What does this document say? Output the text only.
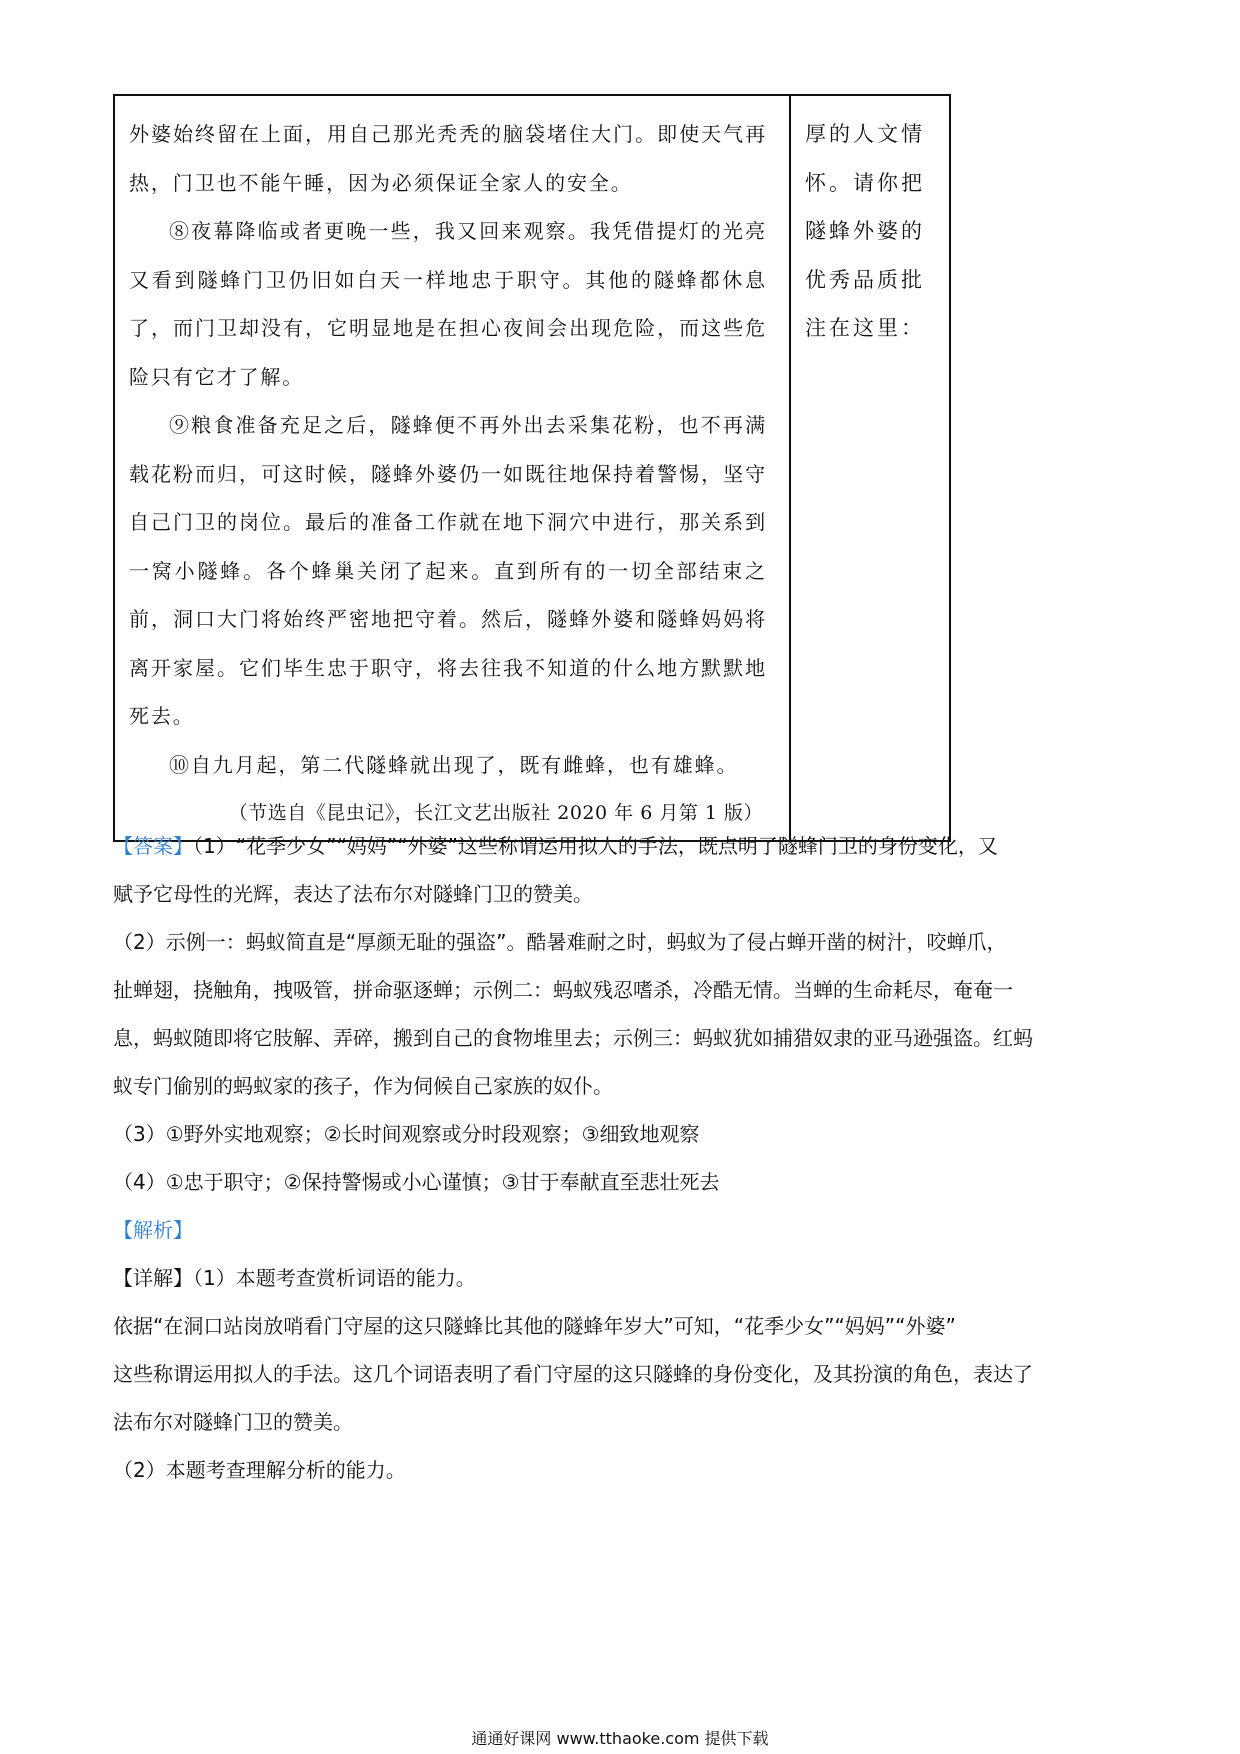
外婆始终留在上面，用自己那光秃秃的脑袋堵住大门。即使天气再热，门卫也不能午睡，因为必须保证全家人的安全。

⑧夜幕降临或者更晚一些，我又回来观察。我凭借提灯的光亮又看到隧蜂门卫仍旧如白天一样地忠于职守。其他的隧蜂都休息了，而门卫却没有，它明显地是在担心夜间会出现危险，而这些危险只有它才了解。

⑨粮食准备充足之后，隧蜂便不再外出去采集花粉，也不再满载花粉而归，可这时候，隧蜂外婆仍一如既往地保持着警惕，坚守自己门卫的岗位。最后的准备工作就在地下洞穴中进行，那关系到一窝小隧蜂。各个蜂巢关闭了起来。直到所有的一切全部结束之前，洞口大门将始终严密地把守着。然后，隧蜂外婆和隧蜂妈妈将离开家屋。它们毕生忠于职守，将去往我不知道的什么地方默默地死去。

⑩自九月起，第二代隧蜂就出现了，既有雌蜂，也有雄蜂。

（节选自《昆虫记》，长江文艺出版社 2020 年 6 月第 1 版）

厚的人文情怀。请你把隧蜂外婆的优秀品质批注在这里：

【答案】（1）“花季少女”“妈妈”“外婆”这些称谓运用拟人的手法，既点明了隧蜂门卫的身份变化，又

赋予它母性的光辉，表达了法布尔对隧蜂门卫的赞美。

（2）示例一：蚂蚁简直是“厚颜无耻的强盗”。酷暑难耐之时，蚂蚁为了侵占蝉开凿的树汁，咬蝉爪，

扯蝉翅，挠触角，拽吸管，拼命驱逐蝉；示例二：蚂蚁残忍嗜杀，冷酷无情。当蝉的生命耗尽，奄奄一

息，蚂蚁随即将它肢解、弄碎，搬到自己的食物堆里去；示例三：蚂蚁犹如捕猎奴隶的亚马逊强盗。红蚂

蚁专门偷别的蚂蚁家的孩子，作为伺候自己家族的奴仆。

（3）①野外实地观察；②长时间观察或分时段观察；③细致地观察

（4）①忠于职守；②保持警惕或小心谨慎；③甘于奉献直至悲壮死去

【解析】

【详解】（1）本题考查赏析词语的能力。

依据“在洞口站岗放哨看门守屋的这只隧蜂比其他的隧蜂年岁大”可知，“花季少女”“妈妈”“外婆”

这些称谓运用拟人的手法。这几个词语表明了看门守屋的这只隧蜂的身份变化，及其扮演的角色，表达了

法布尔对隧蜂门卫的赞美。

（2）本题考查理解分析的能力。

通通好课网 www.tthaoke.com 提供下载
